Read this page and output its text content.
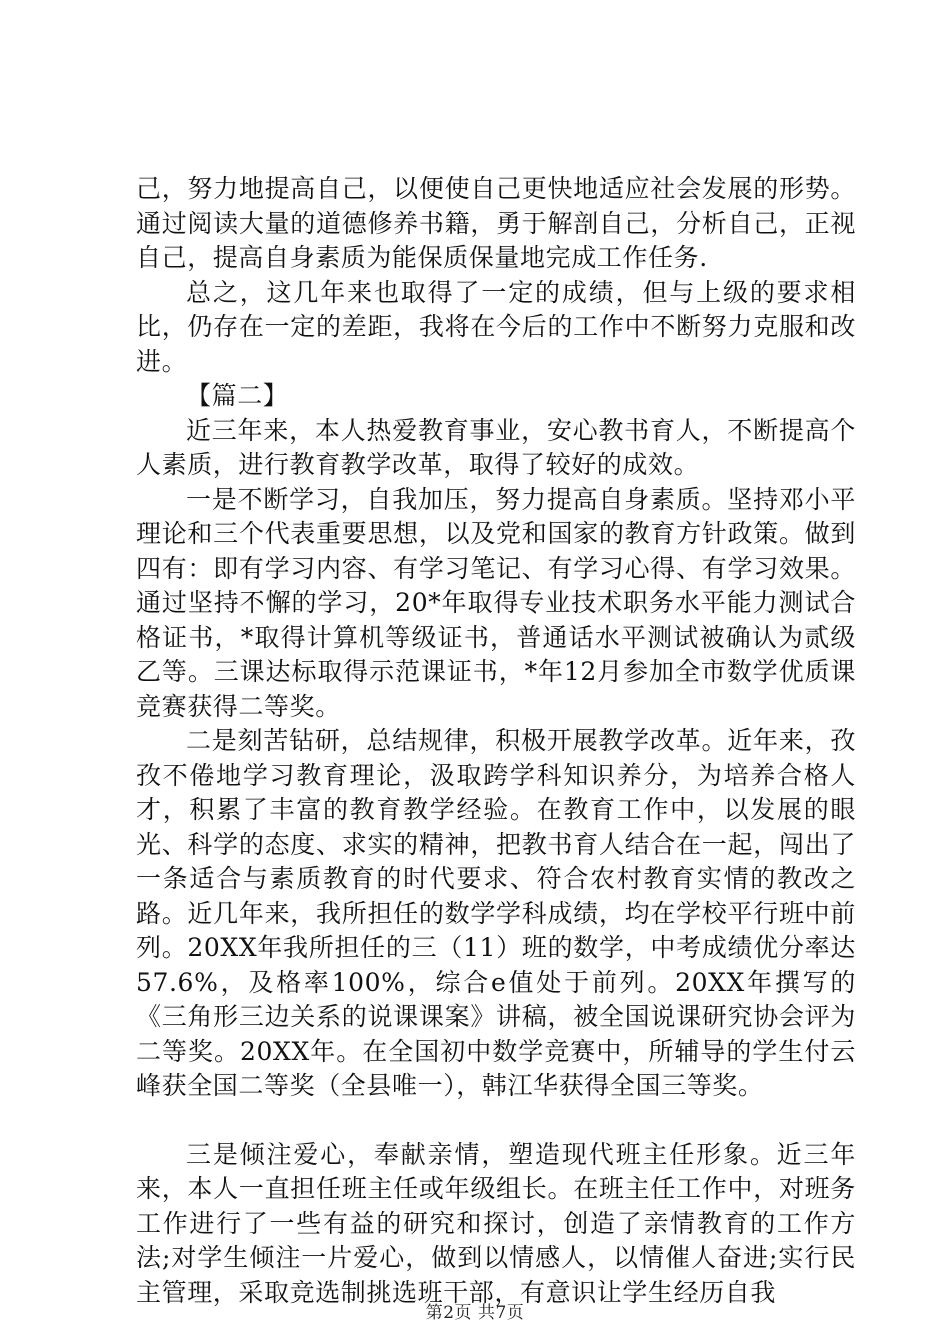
己，努力地提高自己，以便使自己更快地适应社会发展的形势。通过阅读大量的道德修养书籍，勇于解剖自己，分析自己，正视自己，提高自身素质为能保质保量地完成工作任务.

总之，这几年来也取得了一定的成绩，但与上级的要求相比，仍存在一定的差距，我将在今后的工作中不断努力克服和改进。

【篇二】

近三年来，本人热爱教育事业，安心教书育人，不断提高个人素质，进行教育教学改革，取得了较好的成效。

一是不断学习，自我加压，努力提高自身素质。坚持邓小平理论和三个代表重要思想，以及党和国家的教育方针政策。做到四有：即有学习内容、有学习笔记、有学习心得、有学习效果。通过坚持不懈的学习，20*年取得专业技术职务水平能力测试合格证书，*取得计算机等级证书，普通话水平测试被确认为贰级乙等。三课达标取得示范课证书，*年12月参加全市数学优质课竞赛获得二等奖。

二是刻苦钻研，总结规律，积极开展教学改革。近年来，孜孜不倦地学习教育理论，汲取跨学科知识养分，为培养合格人才，积累了丰富的教育教学经验。在教育工作中，以发展的眼光、科学的态度、求实的精神，把教书育人结合在一起，闯出了一条适合与素质教育的时代要求、符合农村教育实情的教改之路。近几年来，我所担任的数学学科成绩，均在学校平行班中前列。20XX年我所担任的三（11）班的数学，中考成绩优分率达57.6%，及格率100%，综合e值处于前列。20XX年撰写的《三角形三边关系的说课课案》讲稿，被全国说课研究协会评为二等奖。20XX年。在全国初中数学竞赛中，所辅导的学生付云峰获全国二等奖（全县唯一），韩江华获得全国三等奖。

三是倾注爱心，奉献亲情，塑造现代班主任形象。近三年来，本人一直担任班主任或年级组长。在班主任工作中，对班务工作进行了一些有益的研究和探讨，创造了亲情教育的工作方法;对学生倾注一片爱心，做到以情感人，以情催人奋进;实行民主管理，采取竞选制挑选班干部，有意识让学生经历自我

第2页 共7页
